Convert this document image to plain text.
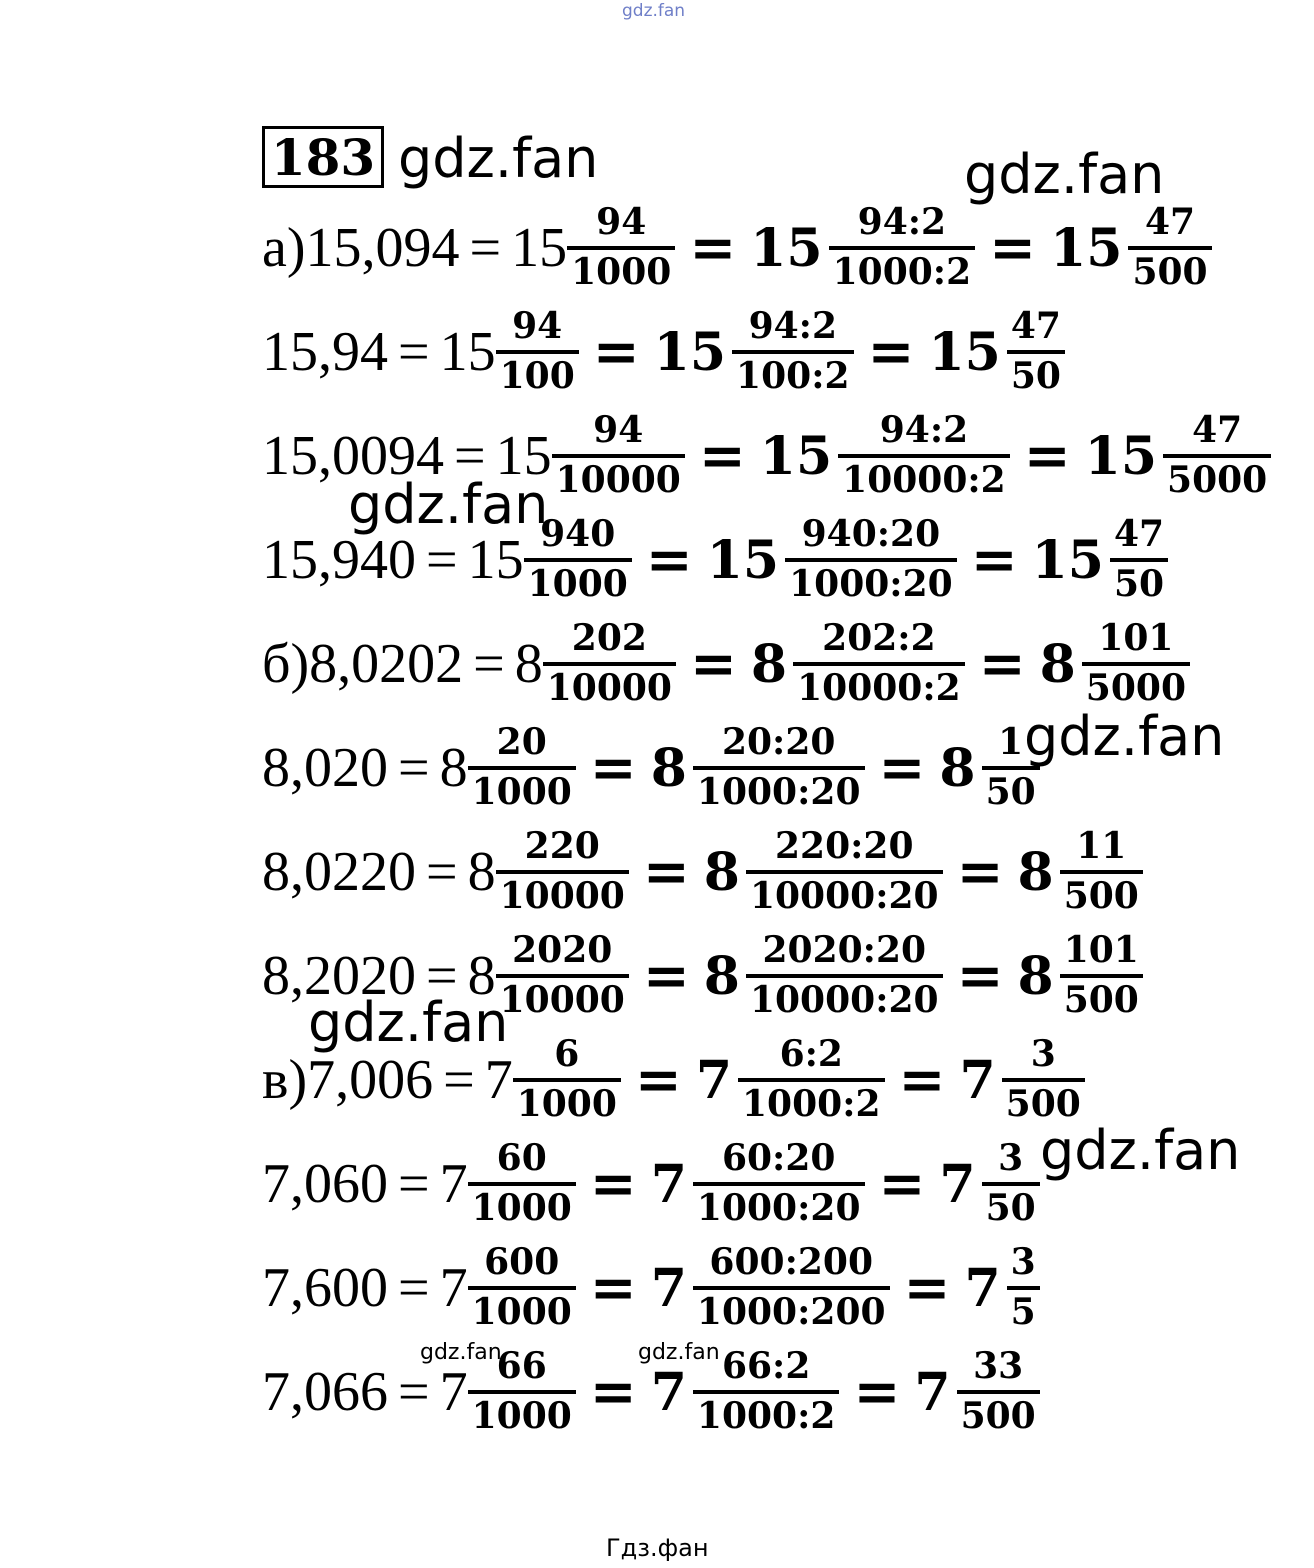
gdz.fan
183 gdz.fan	gdz.fan
а) $15,094 = 15 \frac{94}{1000} = 15 \frac{94:2}{1000:2} = 15 \frac{47}{500}$
$15,94 = 15 \frac{94}{100} = 15 \frac{94:2}{100:2} = 15 \frac{47}{50}$
$15,0094 = 15 \frac{94}{10000} = 15 \frac{94:2}{10000:2} = 15 \frac{47}{5000}$
$15,940 = 15 \frac{940}{1000} = 15 \frac{940:20}{1000:20} = 15 \frac{47}{50}$
б) $8,0202 = 8 \frac{202}{10000} = 8 \frac{202:2}{10000:2} = 8 \frac{101}{5000}$
$8,020 = 8 \frac{20}{1000} = 8 \frac{20:20}{1000:20} = 8 \frac{1}{50}$
$8,0220 = 8 \frac{220}{10000} = 8 \frac{220:20}{10000:20} = 8 \frac{11}{500}$
$8,2020 = 8 \frac{2020}{10000} = 8 \frac{2020:20}{10000:20} = 8 \frac{101}{500}$
в) $7,006 = 7 \frac{6}{1000} = 7 \frac{6:2}{1000:2} = 7 \frac{3}{500}$
$7,060 = 7 \frac{60}{1000} = 7 \frac{60:20}{1000:20} = 7 \frac{3}{50}$
$7,600 = 7 \frac{600}{1000} = 7 \frac{600:200}{1000:200} = 7 \frac{3}{5}$
$7,066 = 7 \frac{66}{1000} = 7 \frac{66:2}{1000:2} = 7 \frac{33}{500}$
gdz.fan
gdz.fan
gdz.fan
gdz.fan
gdz.fan	gdz.fan
Гдз.фан
